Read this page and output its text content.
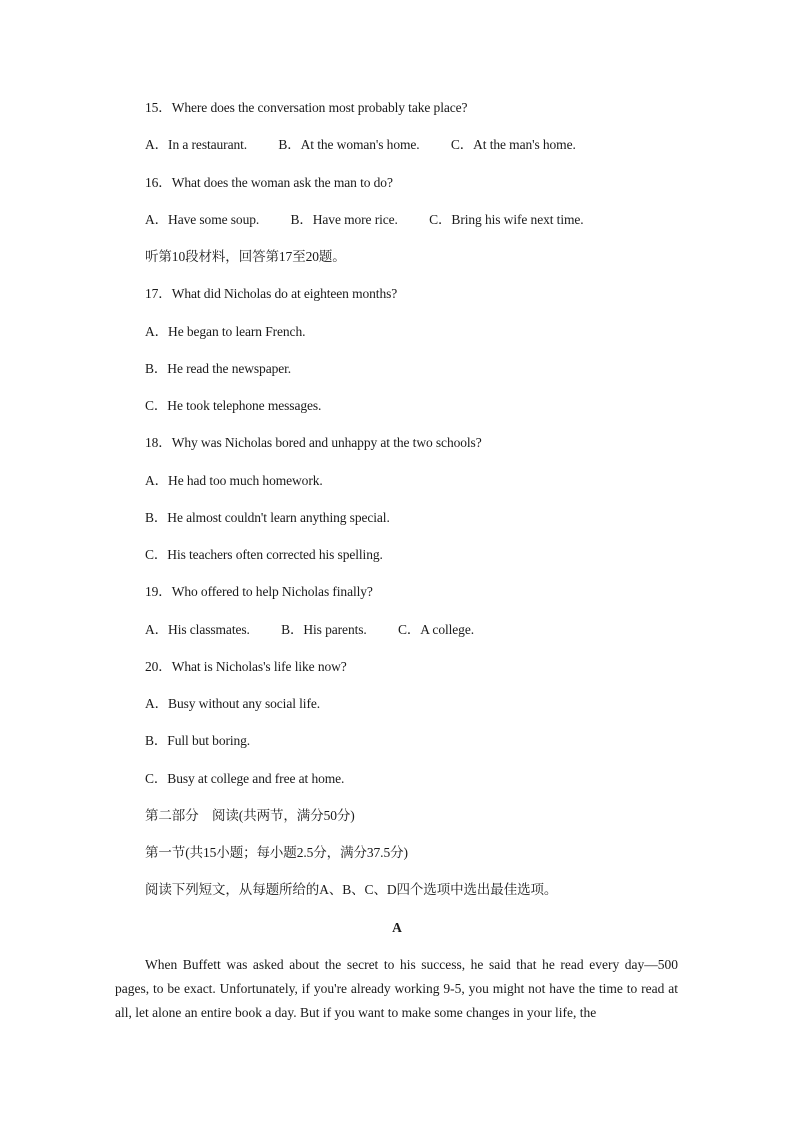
15．Where does the conversation most probably take place?
A．In a restaurant. B．At the woman's home. C．At the man's home.
16．What does the woman ask the man to do?
A．Have some soup. B．Have more rice. C．Bring his wife next time.
听第10段材料，回答第17至20题。
17．What did Nicholas do at eighteen months?
A．He began to learn French.
B．He read the newspaper.
C．He took telephone messages.
18．Why was Nicholas bored and unhappy at the two schools?
A．He had too much homework.
B．He almost couldn't learn anything special.
C．His teachers often corrected his spelling.
19．Who offered to help Nicholas finally?
A．His classmates. B．His parents. C．A college.
20．What is Nicholas's life like now?
A．Busy without any social life.
B．Full but boring.
C．Busy at college and free at home.
第二部分　阅读(共两节，满分50分)
第一节(共15小题；每小题2.5分，满分37.5分)
阅读下列短文，从每题所给的A、B、C、D四个选项中选出最佳选项。
A

When Buffett was asked about the secret to his success, he said that he read every day—500 pages, to be exact. Unfortunately, if you're already working 9-5, you might not have the time to read at all, let alone an entire book a day. But if you want to make some changes in your life, the
